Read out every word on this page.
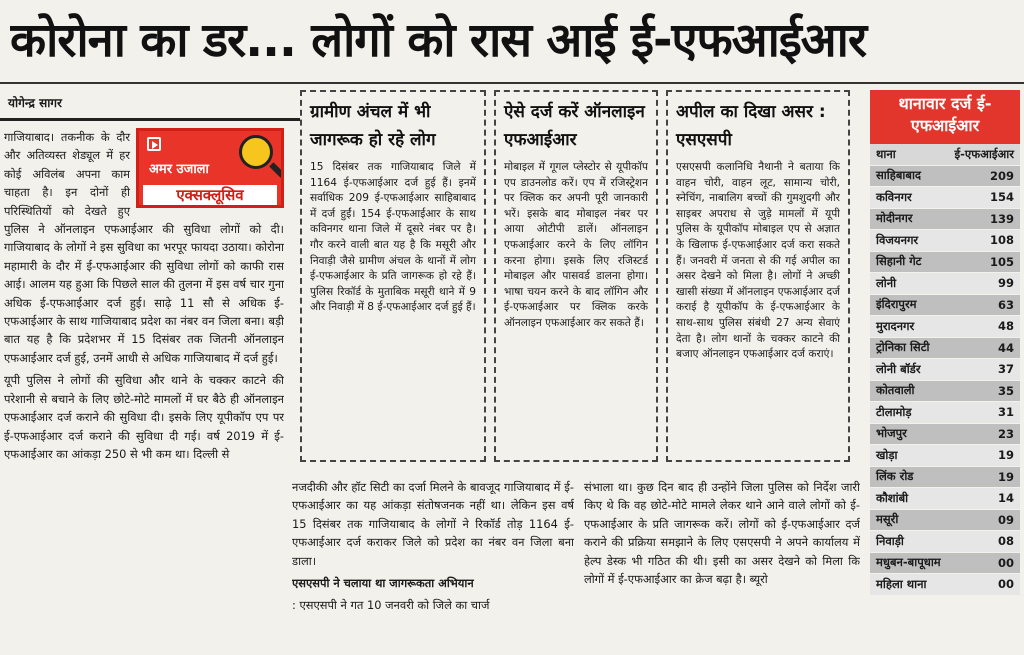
कोरोना का डर... लोगों को रास आई ई-एफआईआर
योगेन्द्र सागर
अमर उजाला
एक्सक्लूसिव

गाजियाबाद। तकनीक के दौर और अतिव्यस्त शेड्यूल में हर कोई अविलंब अपना काम चाहता है। इन दोनों ही परिस्थितियों को देखते हुए पुलिस ने ऑनलाइन एफआईआर की सुविधा लोगों को दी। गाजियाबाद के लोगों ने इस सुविधा का भरपूर फायदा उठाया। कोरोना महामारी के दौर में ई-एफआईआर की सुविधा लोगों को काफी रास आई। आलम यह हुआ कि पिछले साल की तुलना में इस वर्ष चार गुना अधिक ई-एफआईआर दर्ज हुई। साढ़े 11 सौ से अधिक ई-एफआईआर के साथ गाजियाबाद प्रदेश का नंबर वन जिला बना। बड़ी बात यह है कि प्रदेशभर में 15 दिसंबर तक जितनी ऑनलाइन एफआईआर दर्ज हुई, उनमें आधी से अधिक गाजियाबाद में दर्ज हुई।

यूपी पुलिस ने लोगों की सुविधा और थाने के चक्कर काटने की परेशानी से बचाने के लिए छोटे-मोटे मामलों में घर बैठे ही ऑनलाइन एफआईआर दर्ज कराने की सुविधा दी। इसके लिए यूपीकॉप एप पर ई-एफआईआर दर्ज कराने की सुविधा दी गई। वर्ष 2019 में ई-एफआईआर का आंकड़ा 250 से भी कम था। दिल्ली से

ग्रामीण अंचल में भी जागरूक हो रहे लोग
15 दिसंबर तक गाजियाबाद जिले में 1164 ई-एफआईआर दर्ज हुई हैं। इनमें सर्वाधिक 209 ई-एफआईआर साहिबाबाद में दर्ज हुईं। 154 ई-एफआईआर के साथ कविनगर थाना जिले में दूसरे नंबर पर है। गौर करने वाली बात यह है कि मसूरी और निवाड़ी जैसे ग्रामीण अंचल के थानों में लोग ई-एफआईआर के प्रति जागरूक हो रहे हैं। पुलिस रिकॉर्ड के मुताबिक मसूरी थाने में 9 और निवाड़ी में 8 ई-एफआईआर दर्ज हुई हैं।
ऐसे दर्ज करें ऑनलाइन एफआईआर
मोबाइल में गूगल प्लेस्टोर से यूपीकॉप एप डाउनलोड करें। एप में रजिस्ट्रेशन पर क्लिक कर अपनी पूरी जानकारी भरें। इसके बाद मोबाइल नंबर पर आया ओटीपी डालें। ऑनलाइन एफआईआर करने के लिए लॉगिन करना होगा। इसके लिए रजिस्टर्ड मोबाइल और पासवर्ड डालना होगा। भाषा चयन करने के बाद लॉगिन और ई-एफआईआर पर क्लिक करके ऑनलाइन एफआईआर कर सकते हैं।
अपील का दिखा असर : एसएसपी
एसएसपी कलानिधि नैथानी ने बताया कि वाहन चोरी, वाहन लूट, सामान्य चोरी, स्नेचिंग, नाबालिग बच्चों की गुमशुदगी और साइबर अपराध से जुड़े मामलों में यूपी पुलिस के यूपीकॉप मोबाइल एप से अज्ञात के खिलाफ ई-एफआईआर दर्ज करा सकते हैं। जनवरी में जनता से की गई अपील का असर देखने को मिला है। लोगों ने अच्छी खासी संख्या में ऑनलाइन एफआईआर दर्ज कराई है यूपीकॉप के ई-एफआईआर के साथ-साथ पुलिस संबंधी 27 अन्य सेवाएं देता है। लोग थानों के चक्कर काटने की बजाए ऑनलाइन एफआईआर दर्ज कराएं।

नजदीकी और हॉट सिटी का दर्जा मिलने के बावजूद गाजियाबाद में ई-एफआईआर का यह आंकड़ा संतोषजनक नहीं था। लेकिन इस वर्ष 15 दिसंबर तक गाजियाबाद के लोगों ने रिकॉर्ड तोड़ 1164 ई-एफआईआर दर्ज कराकर जिले को प्रदेश का नंबर वन जिला बना डाला।

एसएसपी ने चलाया था जागरूकता अभियान

: एसएसपी ने गत 10 जनवरी को जिले का चार्ज

संभाला था। कुछ दिन बाद ही उन्होंने जिला पुलिस को निर्देश जारी किए थे कि वह छोटे-मोटे मामले लेकर थाने आने वाले लोगों को ई-एफआईआर के प्रति जागरूक करें। लोगों को ई-एफआईआर दर्ज कराने की प्रक्रिया समझाने के लिए एसएसपी ने अपने कार्यालय में हेल्प डेस्क भी गठित की थी। इसी का असर देखने को मिला कि लोगों में ई-एफआईआर का क्रेज बढ़ा है। ब्यूरो

थानावार दर्ज ई-एफआईआर
थाना	ई-एफआईआर
साहिबाबाद	209
कविनगर	154
मोदीनगर	139
विजयनगर	108
सिहानी गेट	105
लोनी	99
इंदिरापुरम	63
मुरादनगर	48
ट्रोनिका सिटी	44
लोनी बॉर्डर	37
कोतवाली	35
टीलामोड़	31
भोजपुर	23
खोड़ा	19
लिंक रोड	19
कौशांबी	14
मसूरी	09
निवाड़ी	08
मधुबन-बापूधाम	00
महिला थाना	00
